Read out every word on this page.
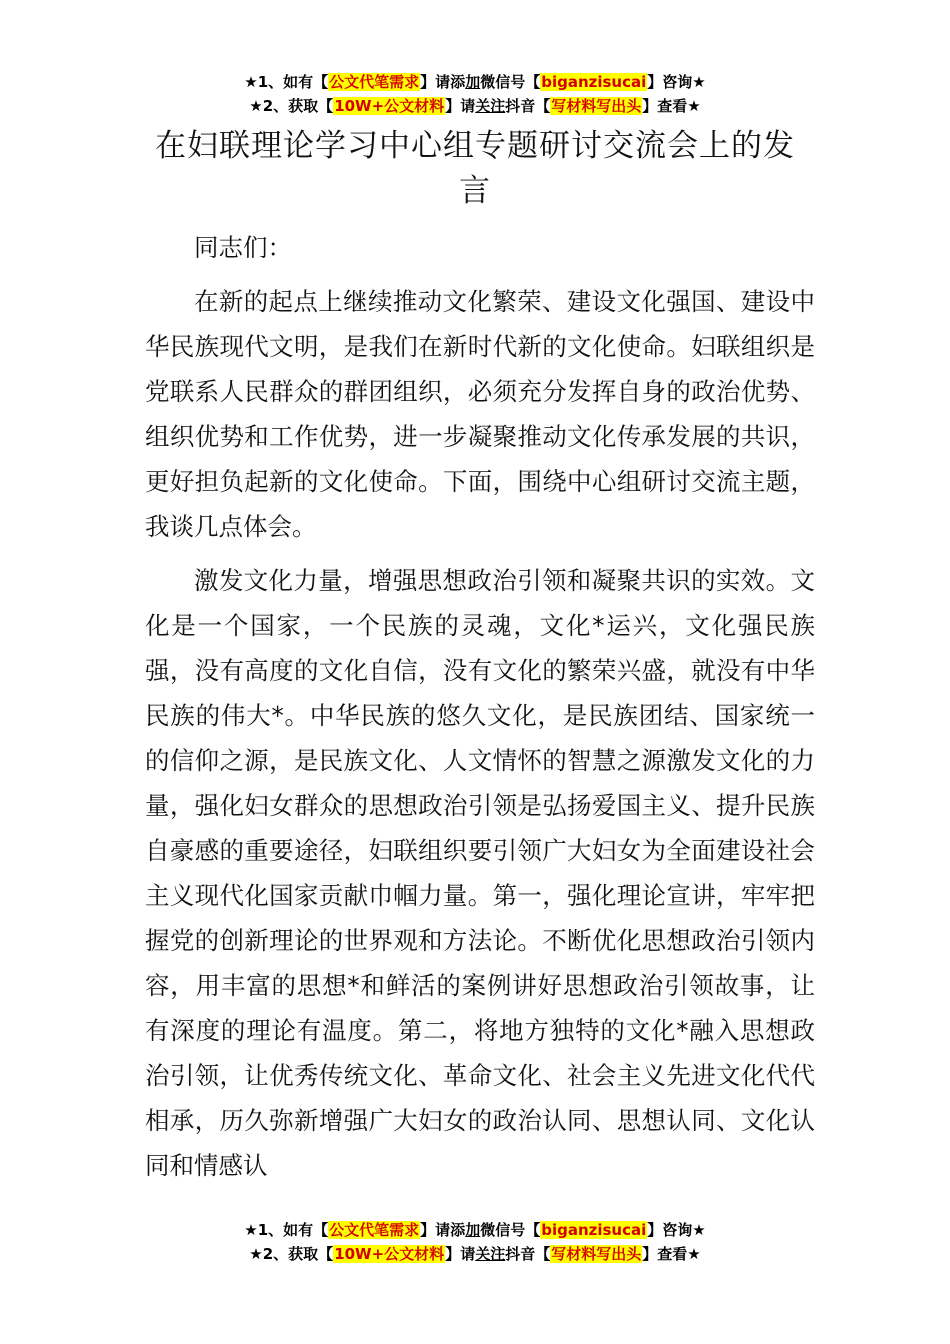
★1、如有【公文代笔需求】请添加微信号【biganzisucai】咨询★
★2、获取【10W+公文材料】请关注抖音【写材料写出头】查看★
在妇联理论学习中心组专题研讨交流会上的发言

同志们：

在新的起点上继续推动文化繁荣、建设文化强国、建设中华民族现代文明，是我们在新时代新的文化使命。妇联组织是党联系人民群众的群团组织，必须充分发挥自身的政治优势、组织优势和工作优势，进一步凝聚推动文化传承发展的共识，更好担负起新的文化使命。下面，围绕中心组研讨交流主题，我谈几点体会。

激发文化力量，增强思想政治引领和凝聚共识的实效。文化是一个国家，一个民族的灵魂，文化*运兴，文化强民族强，没有高度的文化自信，没有文化的繁荣兴盛，就没有中华民族的伟大*。中华民族的悠久文化，是民族团结、国家统一的信仰之源，是民族文化、人文情怀的智慧之源激发文化的力量，强化妇女群众的思想政治引领是弘扬爱国主义、提升民族自豪感的重要途径，妇联组织要引领广大妇女为全面建设社会主义现代化国家贡献巾帼力量。第一，强化理论宣讲，牢牢把握党的创新理论的世界观和方法论。不断优化思想政治引领内容，用丰富的思想*和鲜活的案例讲好思想政治引领故事，让有深度的理论有温度。第二，将地方独特的文化*融入思想政治引领，让优秀传统文化、革命文化、社会主义先进文化代代相承，历久弥新增强广大妇女的政治认同、思想认同、文化认同和情感认

★1、如有【公文代笔需求】请添加微信号【biganzisucai】咨询★
★2、获取【10W+公文材料】请关注抖音【写材料写出头】查看★
